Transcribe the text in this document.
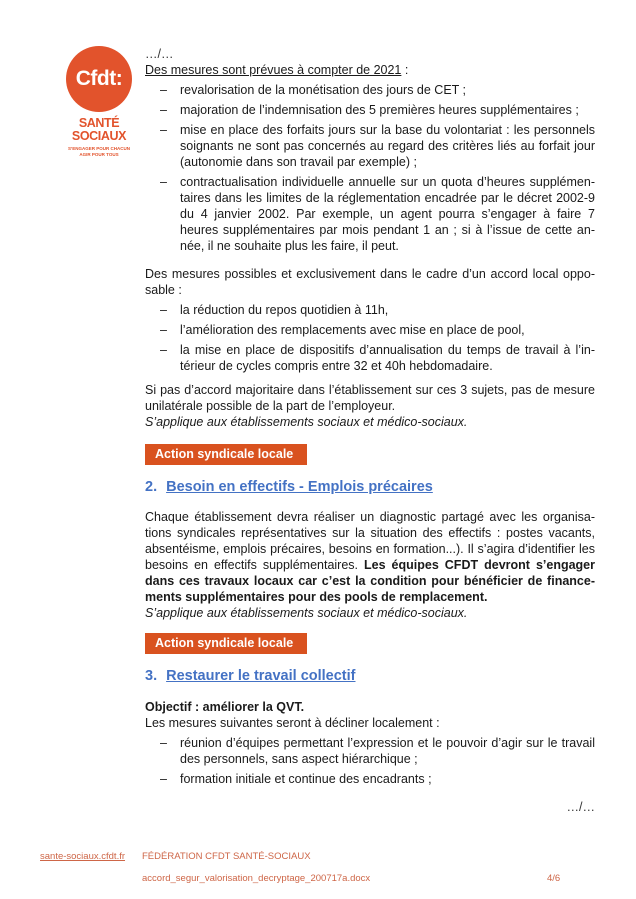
Cfdt:
SANTÉ
SOCIAUX
S’ENGAGER POUR CHACUN
AGIR POUR TOUS

…/…

Des mesures sont prévues à compter de 2021 :

– revalorisation de la monétisation des jours de CET ;
– majoration de l’indemnisation des 5 premières heures supplémentaires ;
– mise en place des forfaits jours sur la base du volontariat : les personnels soignants ne sont pas concernés au regard des critères liés au forfait jour (autonomie dans son travail par exemple) ;
– contractualisation individuelle annuelle sur un quota d’heures supplémentaires dans les limites de la réglementation encadrée par le décret 2002-9 du 4 janvier 2002. Par exemple, un agent pourra s’engager à faire 7 heures supplémentaires par mois pendant 1 an ; si à l’issue de cette année, il ne souhaite plus les faire, il peut.

Des mesures possibles et exclusivement dans le cadre d’un accord local opposable :

– la réduction du repos quotidien à 11h,
– l’amélioration des remplacements avec mise en place de pool,
– la mise en place de dispositifs d’annualisation du temps de travail à l’intérieur de cycles compris entre 32 et 40h hebdomadaire.

Si pas d’accord majoritaire dans l’établissement sur ces 3 sujets, pas de mesure unilatérale possible de la part de l’employeur.

S’applique aux établissements sociaux et médico-sociaux.

Action syndicale locale
2. Besoin en effectifs - Emplois précaires

Chaque établissement devra réaliser un diagnostic partagé avec les organisations syndicales représentatives sur la situation des effectifs : postes vacants, absentéisme, emplois précaires, besoins en formation...). Il s’agira d’identifier les besoins en effectifs supplémentaires. Les équipes CFDT devront s’engager dans ces travaux locaux car c’est la condition pour bénéficier de financements supplémentaires pour des pools de remplacement.

S’applique aux établissements sociaux et médico-sociaux.

Action syndicale locale
3. Restaurer le travail collectif

Objectif : améliorer la QVT.

Les mesures suivantes seront à décliner localement :

– réunion d’équipes permettant l’expression et le pouvoir d’agir sur le travail des personnels, sans aspect hiérarchique ;
– formation initiale et continue des encadrants ;

…/…

sante-sociaux.cfdt.fr FÉDÉRATION CFDT SANTÉ-SOCIAUX
accord_segur_valorisation_decryptage_200717a.docx	4/6
